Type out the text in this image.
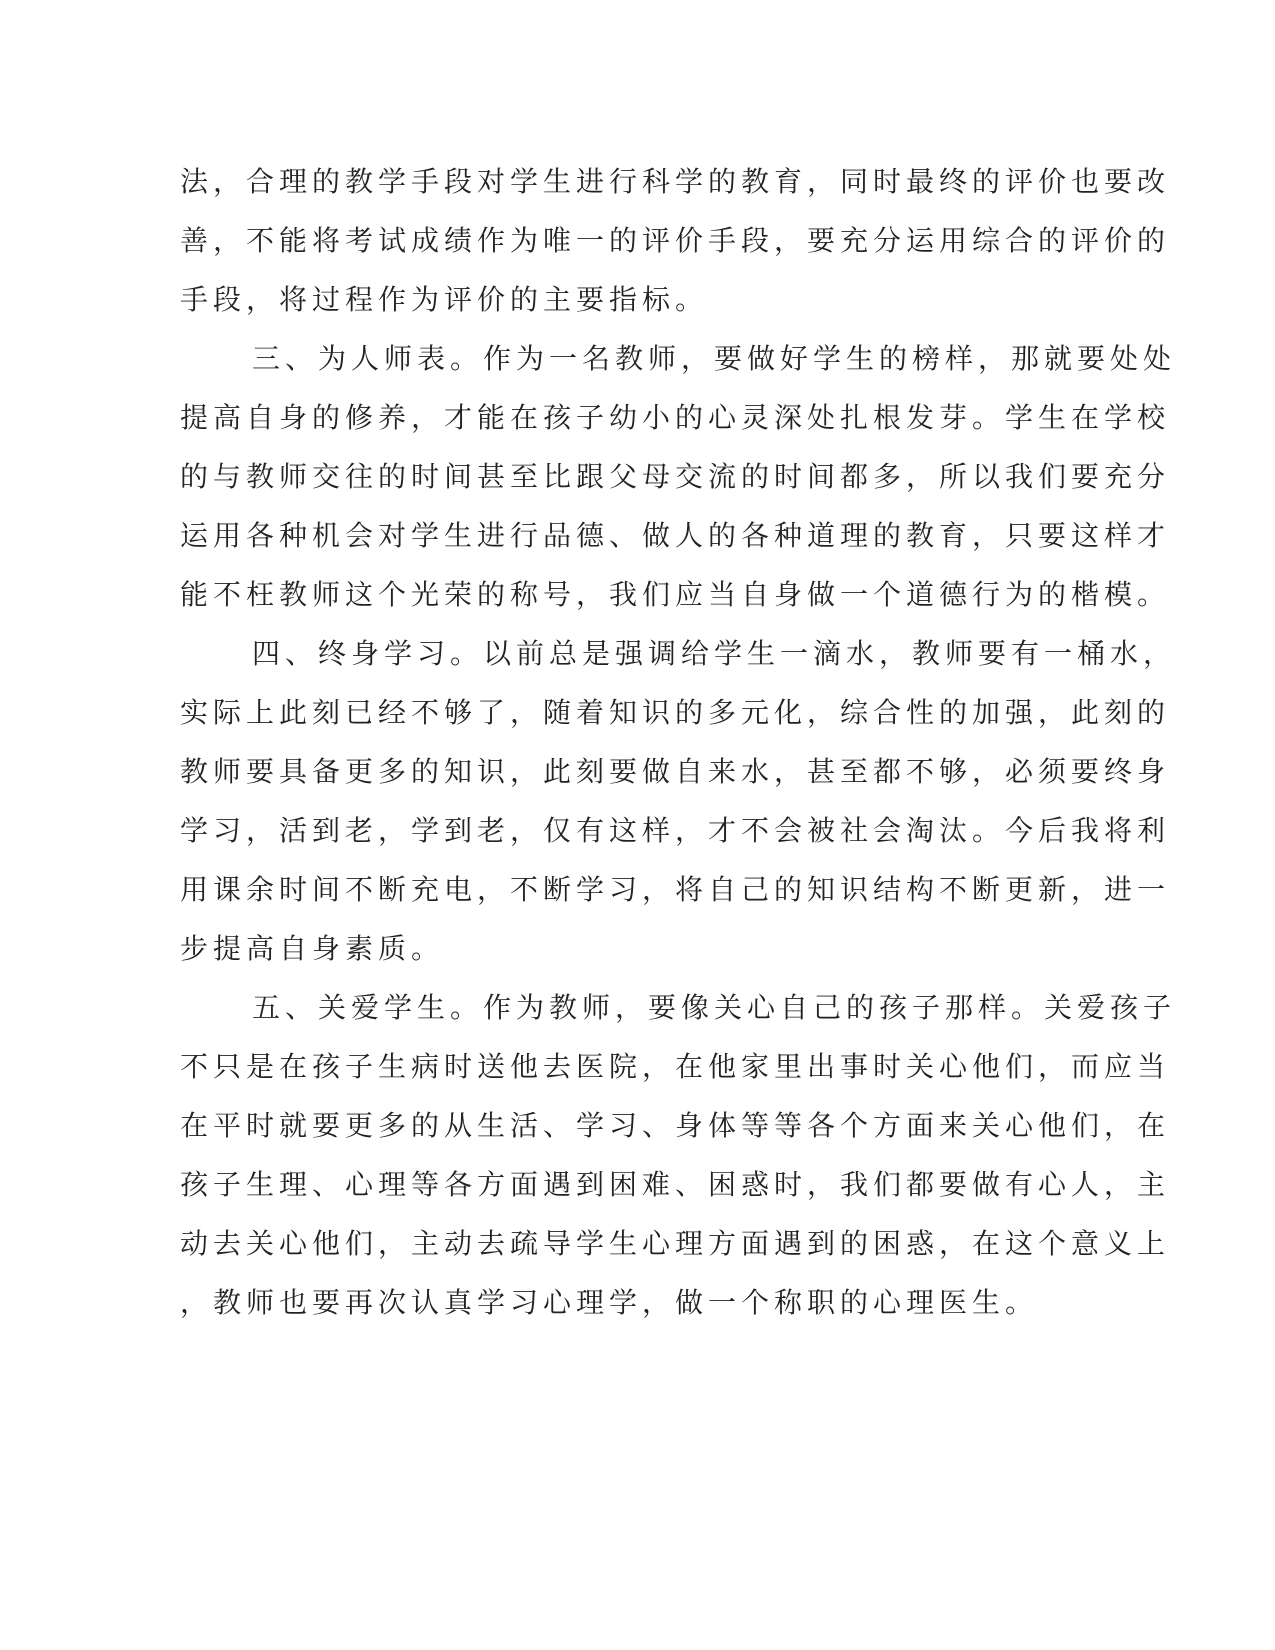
法，合理的教学手段对学生进行科学的教育，同时最终的评价也要改
善，不能将考试成绩作为唯一的评价手段，要充分运用综合的评价的
手段，将过程作为评价的主要指标。
三、为人师表。作为一名教师，要做好学生的榜样，那就要处处
提高自身的修养，才能在孩子幼小的心灵深处扎根发芽。学生在学校
的与教师交往的时间甚至比跟父母交流的时间都多，所以我们要充分
运用各种机会对学生进行品德、做人的各种道理的教育，只要这样才
能不枉教师这个光荣的称号，我们应当自身做一个道德行为的楷模。
四、终身学习。以前总是强调给学生一滴水，教师要有一桶水，
实际上此刻已经不够了，随着知识的多元化，综合性的加强，此刻的
教师要具备更多的知识，此刻要做自来水，甚至都不够，必须要终身
学习，活到老，学到老，仅有这样，才不会被社会淘汰。今后我将利
用课余时间不断充电，不断学习，将自己的知识结构不断更新，进一
步提高自身素质。
五、关爱学生。作为教师，要像关心自己的孩子那样。关爱孩子
不只是在孩子生病时送他去医院，在他家里出事时关心他们，而应当
在平时就要更多的从生活、学习、身体等等各个方面来关心他们，在
孩子生理、心理等各方面遇到困难、困惑时，我们都要做有心人，主
动去关心他们，主动去疏导学生心理方面遇到的困惑，在这个意义上
，教师也要再次认真学习心理学，做一个称职的心理医生。
